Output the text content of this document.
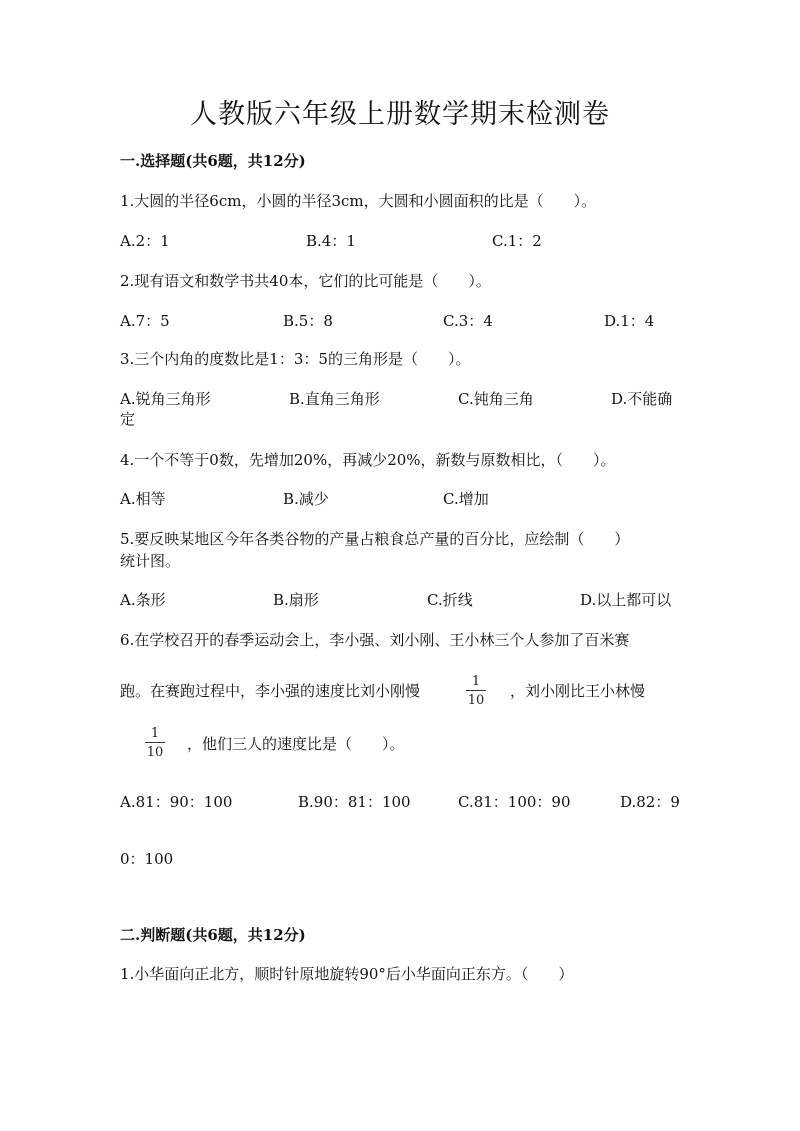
人教版六年级上册数学期末检测卷
一.选择题(共6题，共12分)
1.大圆的半径6cm，小圆的半径3cm，大圆和小圆面积的比是（　　）。
A.2：1	B.4：1	C.1：2
2.现有语文和数学书共40本，它们的比可能是（　　）。
A.7：5	B.5：8	C.3：4	D.1：4
3.三个内角的度数比是1：3：5的三角形是（　　）。
A.锐角三角形	B.直角三角形	C.钝角三角	D.不能确
定
4.一个不等于0数，先增加20%，再减少20%，新数与原数相比，（　　）。
A.相等	B.减少	C.增加
5.要反映某地区今年各类谷物的产量占粮食总产量的百分比，应绘制（　　）
统计图。
A.条形	B.扇形	C.折线	D.以上都可以
6.在学校召开的春季运动会上，李小强、刘小刚、王小林三个人参加了百米赛
跑。在赛跑过程中，李小强的速度比刘小刚慢
1
10
，刘小刚比王小林慢
1
10 ，他们三人的速度比是（　　）。
A.81：90：100	B.90：81：100	C.81：100：90	D.82：9
0：100
二.判断题(共6题，共12分)
1.小华面向正北方，顺时针原地旋转90°后小华面向正东方。（　　）
